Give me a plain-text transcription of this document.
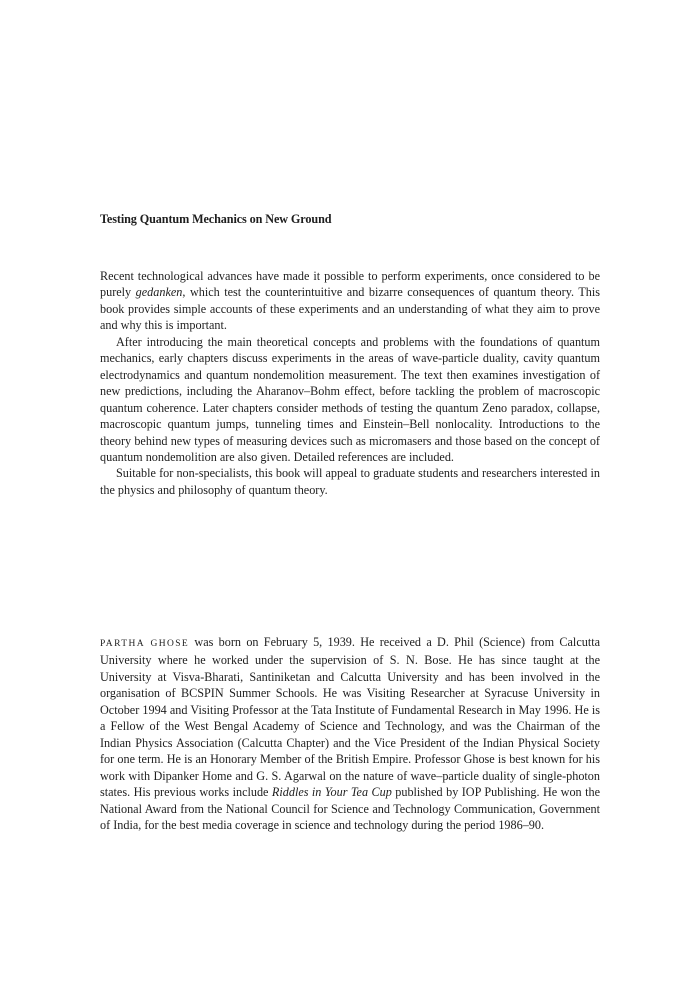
Testing Quantum Mechanics on New Ground

Recent technological advances have made it possible to perform experiments, once considered to be purely gedanken, which test the counterintuitive and bizarre consequences of quantum theory. This book provides simple accounts of these experiments and an understanding of what they aim to prove and why this is important.

After introducing the main theoretical concepts and problems with the foundations of quantum mechanics, early chapters discuss experiments in the areas of wave-particle duality, cavity quantum electrodynamics and quantum nondemolition measurement. The text then examines investigation of new predictions, including the Aharanov–Bohm effect, before tackling the problem of macroscopic quantum coherence. Later chapters consider methods of testing the quantum Zeno paradox, collapse, macroscopic quantum jumps, tunneling times and Einstein–Bell nonlocality. Introductions to the theory behind new types of measuring devices such as micromasers and those based on the concept of quantum nondemolition are also given. Detailed references are included.

Suitable for non-specialists, this book will appeal to graduate students and researchers interested in the physics and philosophy of quantum theory.

PARTHA GHOSE was born on February 5, 1939. He received a D. Phil (Science) from Calcutta University where he worked under the supervision of S. N. Bose. He has since taught at the University at Visva-Bharati, Santiniketan and Calcutta University and has been involved in the organisation of BCSPIN Summer Schools. He was Visiting Researcher at Syracuse University in October 1994 and Visiting Professor at the Tata Institute of Fundamental Research in May 1996. He is a Fellow of the West Bengal Academy of Science and Technology, and was the Chairman of the Indian Physics Association (Calcutta Chapter) and the Vice President of the Indian Physical Society for one term. He is an Honorary Member of the British Empire. Professor Ghose is best known for his work with Dipanker Home and G. S. Agarwal on the nature of wave–particle duality of single-photon states. His previous works include Riddles in Your Tea Cup published by IOP Publishing. He won the National Award from the National Council for Science and Technology Communication, Government of India, for the best media coverage in science and technology during the period 1986–90.
